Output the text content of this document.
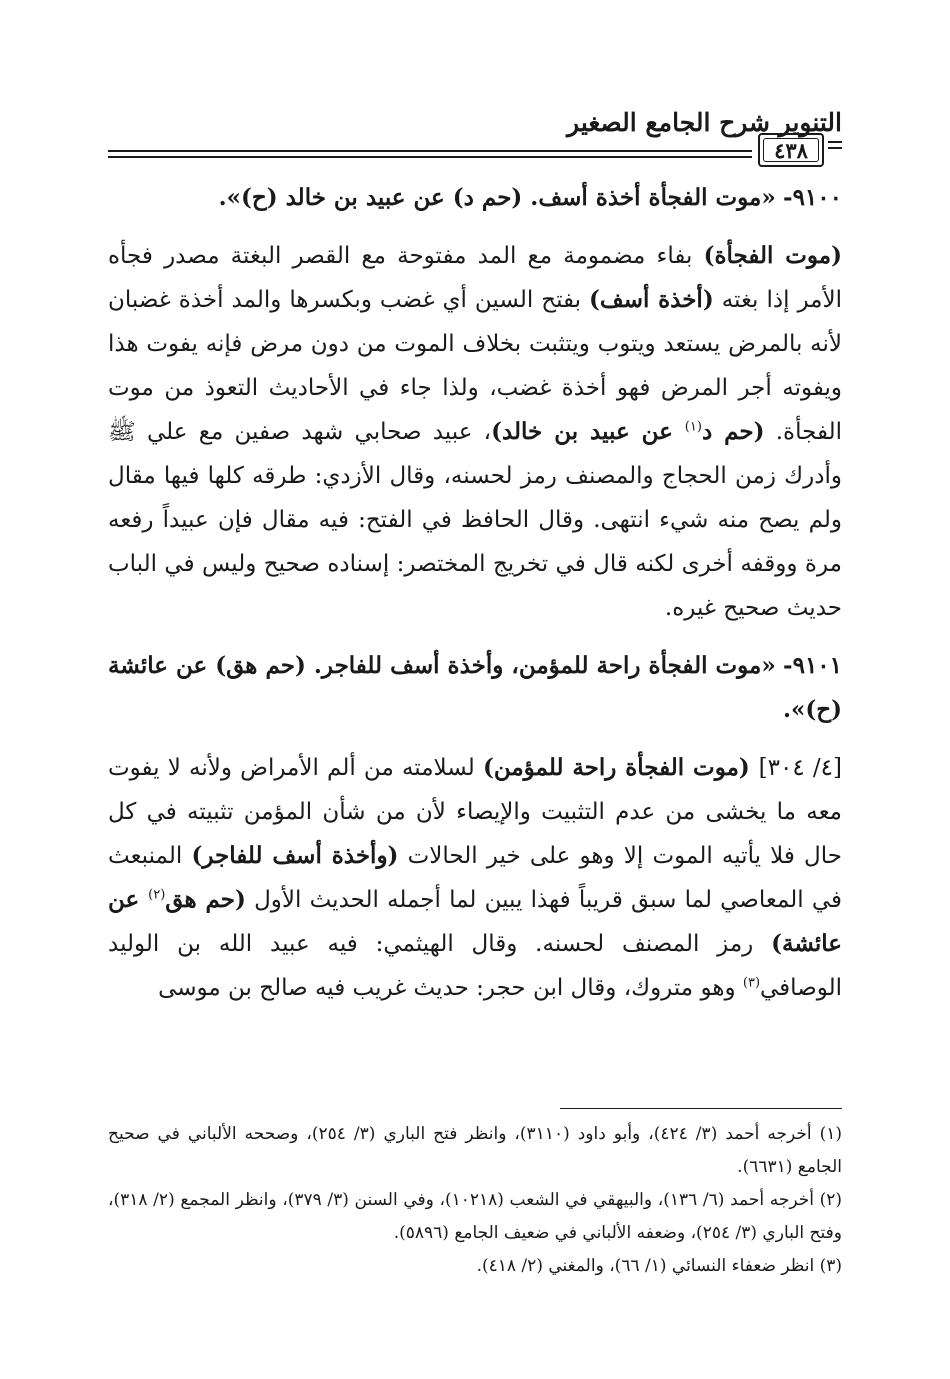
التنوير شرح الجامع الصغير
٤٣٨

٩١٠٠- «موت الفجأة أخذة أسف. (حم د) عن عبيد بن خالد (ح)».

(موت الفجأة) بفاء مضمومة مع المد مفتوحة مع القصر البغتة مصدر فجأه الأمر إذا بغته (أخذة أسف) بفتح السين أي غضب وبكسرها والمد أخذة غضبان لأنه بالمرض يستعد ويتوب ويتثبت بخلاف الموت من دون مرض فإنه يفوت هذا ويفوته أجر المرض فهو أخذة غضب، ولذا جاء في الأحاديث التعوذ من موت الفجأة. (حم د$^{(١)}$ عن عبيد بن خالد)، عبيد صحابي شهد صفين مع علي ﷺ وأدرك زمن الحجاج والمصنف رمز لحسنه، وقال الأزدي: طرقه كلها فيها مقال ولم يصح منه شيء انتهى. وقال الحافظ في الفتح: فيه مقال فإن عبيداً رفعه مرة ووقفه أخرى لكنه قال في تخريج المختصر: إسناده صحيح وليس في الباب حديث صحيح غيره.

٩١٠١- «موت الفجأة راحة للمؤمن، وأخذة أسف للفاجر. (حم هق) عن عائشة (ح)».

[٤/ ٣٠٤] (موت الفجأة راحة للمؤمن) لسلامته من ألم الأمراض ولأنه لا يفوت معه ما يخشى من عدم التثبيت والإيصاء لأن من شأن المؤمن تثبيته في كل حال فلا يأتيه الموت إلا وهو على خير الحالات (وأخذة أسف للفاجر) المنبعث في المعاصي لما سبق قريباً فهذا يبين لما أجمله الحديث الأول (حم هق$^{(٢)}$ عن عائشة) رمز المصنف لحسنه. وقال الهيثمي: فيه عبيد الله بن الوليد الوصافي$^{(٣)}$ وهو متروك، وقال ابن حجر: حديث غريب فيه صالح بن موسى

(١) أخرجه أحمد (٣/ ٤٢٤)، وأبو داود (٣١١٠)، وانظر فتح الباري (٣/ ٢٥٤)، وصححه الألباني في صحيح الجامع (٦٦٣١).

(٢) أخرجه أحمد (٦/ ١٣٦)، والبيهقي في الشعب (١٠٢١٨)، وفي السنن (٣/ ٣٧٩)، وانظر المجمع (٢/ ٣١٨)، وفتح الباري (٣/ ٢٥٤)، وضعفه الألباني في ضعيف الجامع (٥٨٩٦).

(٣) انظر ضعفاء النسائي (١/ ٦٦)، والمغني (٢/ ٤١٨).
